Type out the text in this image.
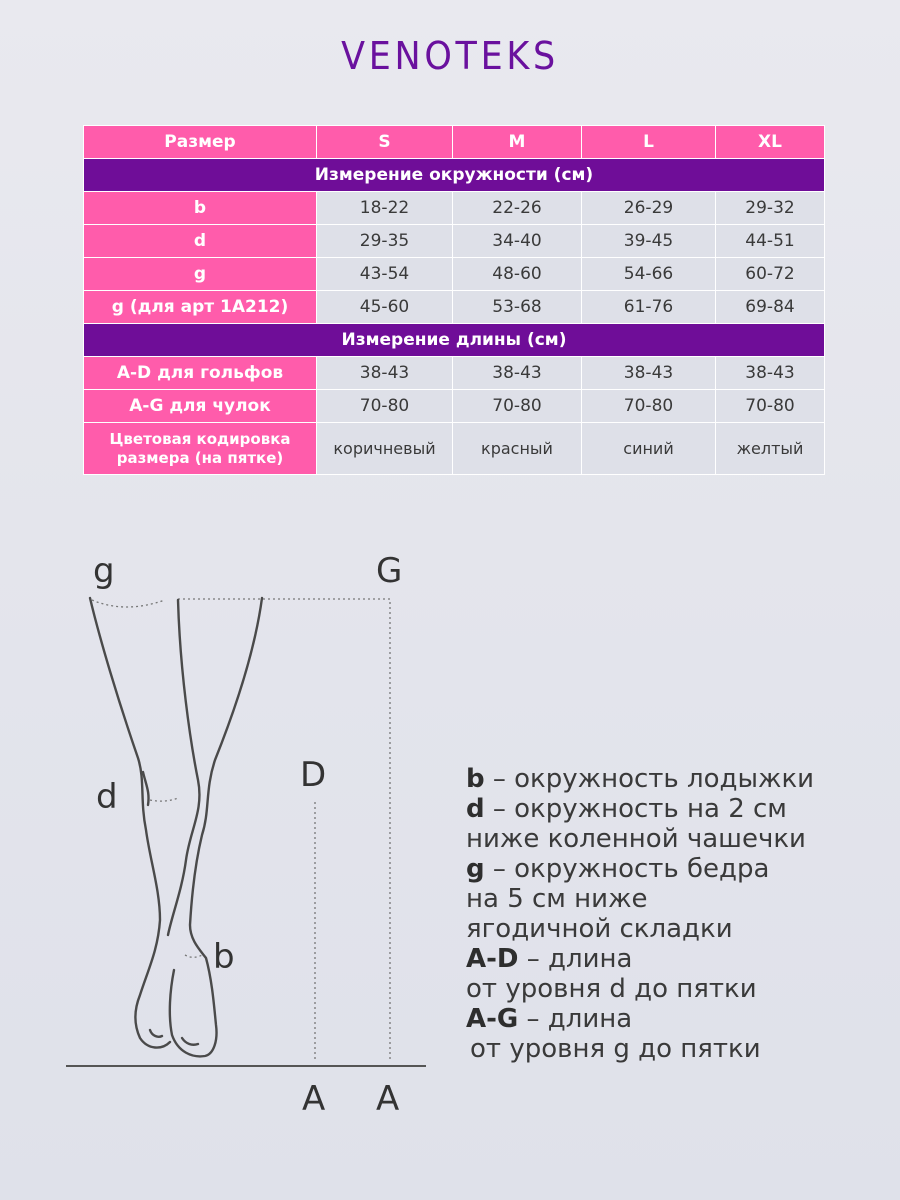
VENOTEKS
Размер	S	M	L	XL
Измерение окружности (см)				
b	18-22	22-26	26-29	29-32
d	29-35	34-40	39-45	44-51
g	43-54	48-60	54-66	60-72
g (для арт 1А212)	45-60	53-68	61-76	69-84
Измерение длины (см)				
A-D для гольфов	38-43	38-43	38-43	38-43
A-G для чулок	70-80	70-80	70-80	70-80

Цветовая кодировка
размера (на пятке)	коричневый	красный	синий	желтый
g	G
d
D
b
A A
b – окружность лодыжки
d – окружность на 2 см
ниже коленной чашечки
g – окружность бедра
на 5 см ниже
ягодичной складки
A-D – длина
от уровня d до пятки
A-G – длина
от уровня g до пятки
